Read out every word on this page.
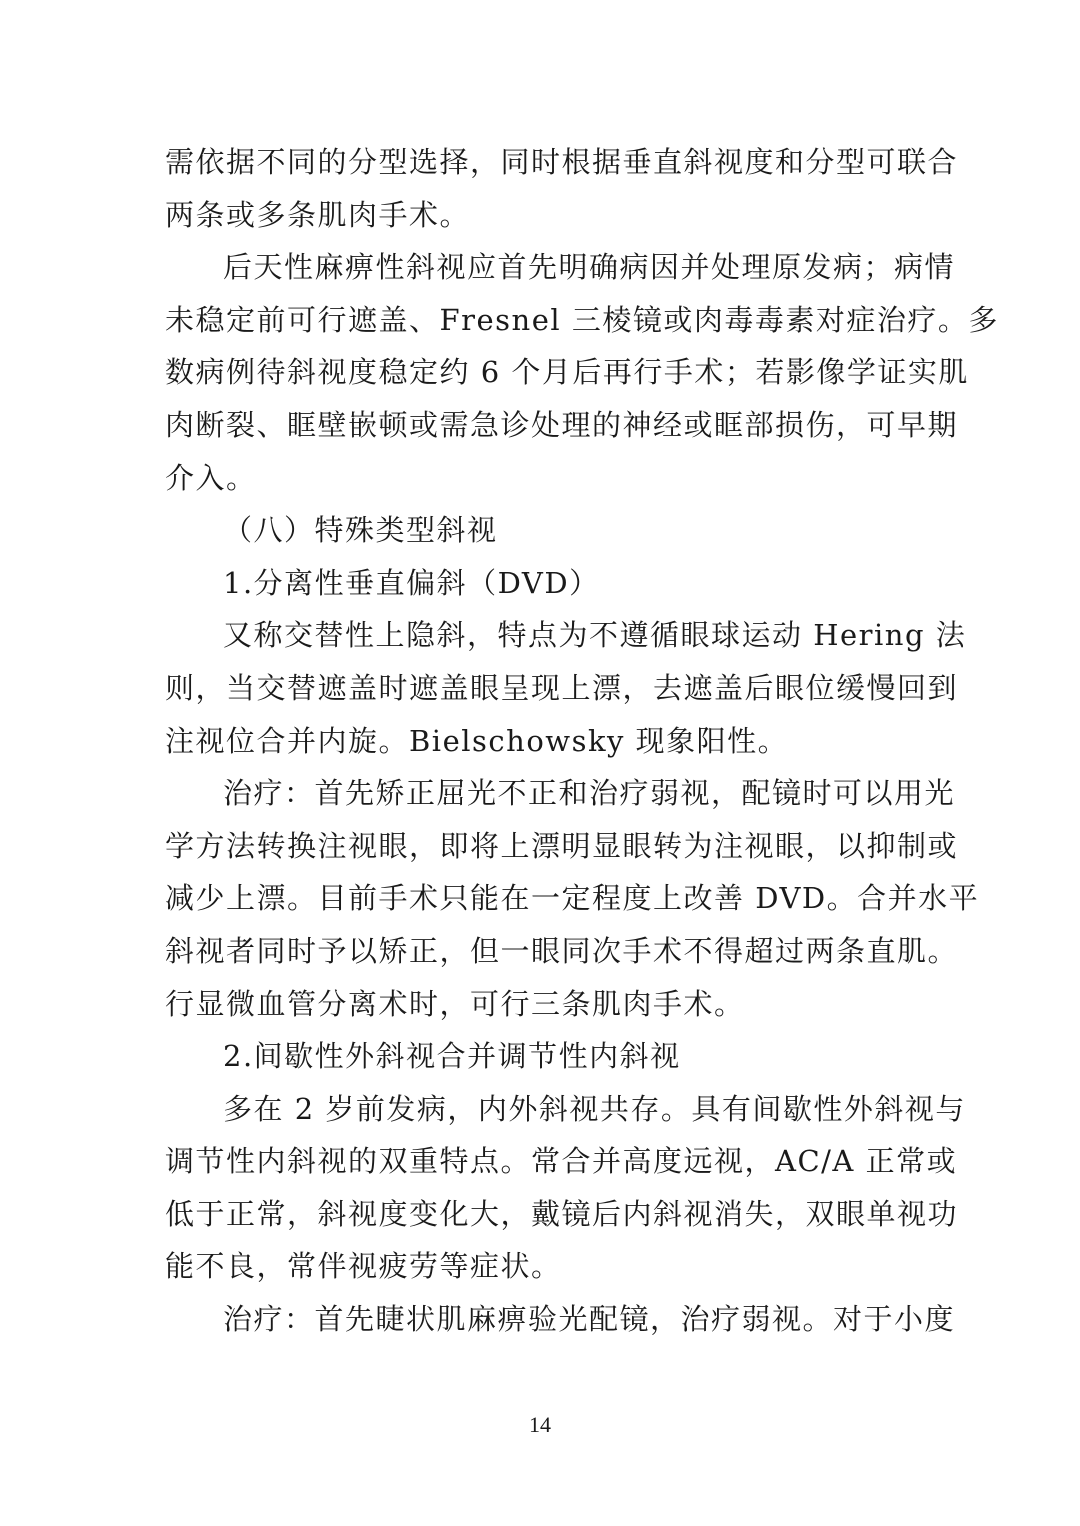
需依据不同的分型选择，同时根据垂直斜视度和分型可联合
两条或多条肌肉手术。
后天性麻痹性斜视应首先明确病因并处理原发病；病情
未稳定前可行遮盖、Fresnel 三棱镜或肉毒毒素对症治疗。多
数病例待斜视度稳定约 6 个月后再行手术；若影像学证实肌
肉断裂、眶壁嵌顿或需急诊处理的神经或眶部损伤，可早期
介入。
（八）特殊类型斜视
1.分离性垂直偏斜（DVD）
又称交替性上隐斜，特点为不遵循眼球运动 Hering 法
则，当交替遮盖时遮盖眼呈现上漂，去遮盖后眼位缓慢回到
注视位合并内旋。Bielschowsky 现象阳性。
治疗：首先矫正屈光不正和治疗弱视，配镜时可以用光
学方法转换注视眼，即将上漂明显眼转为注视眼，以抑制或
减少上漂。目前手术只能在一定程度上改善 DVD。合并水平
斜视者同时予以矫正，但一眼同次手术不得超过两条直肌。
行显微血管分离术时，可行三条肌肉手术。
2.间歇性外斜视合并调节性内斜视
多在 2 岁前发病，内外斜视共存。具有间歇性外斜视与
调节性内斜视的双重特点。常合并高度远视，AC/A 正常或
低于正常，斜视度变化大，戴镜后内斜视消失，双眼单视功
能不良，常伴视疲劳等症状。
治疗：首先睫状肌麻痹验光配镜，治疗弱视。对于小度
14
